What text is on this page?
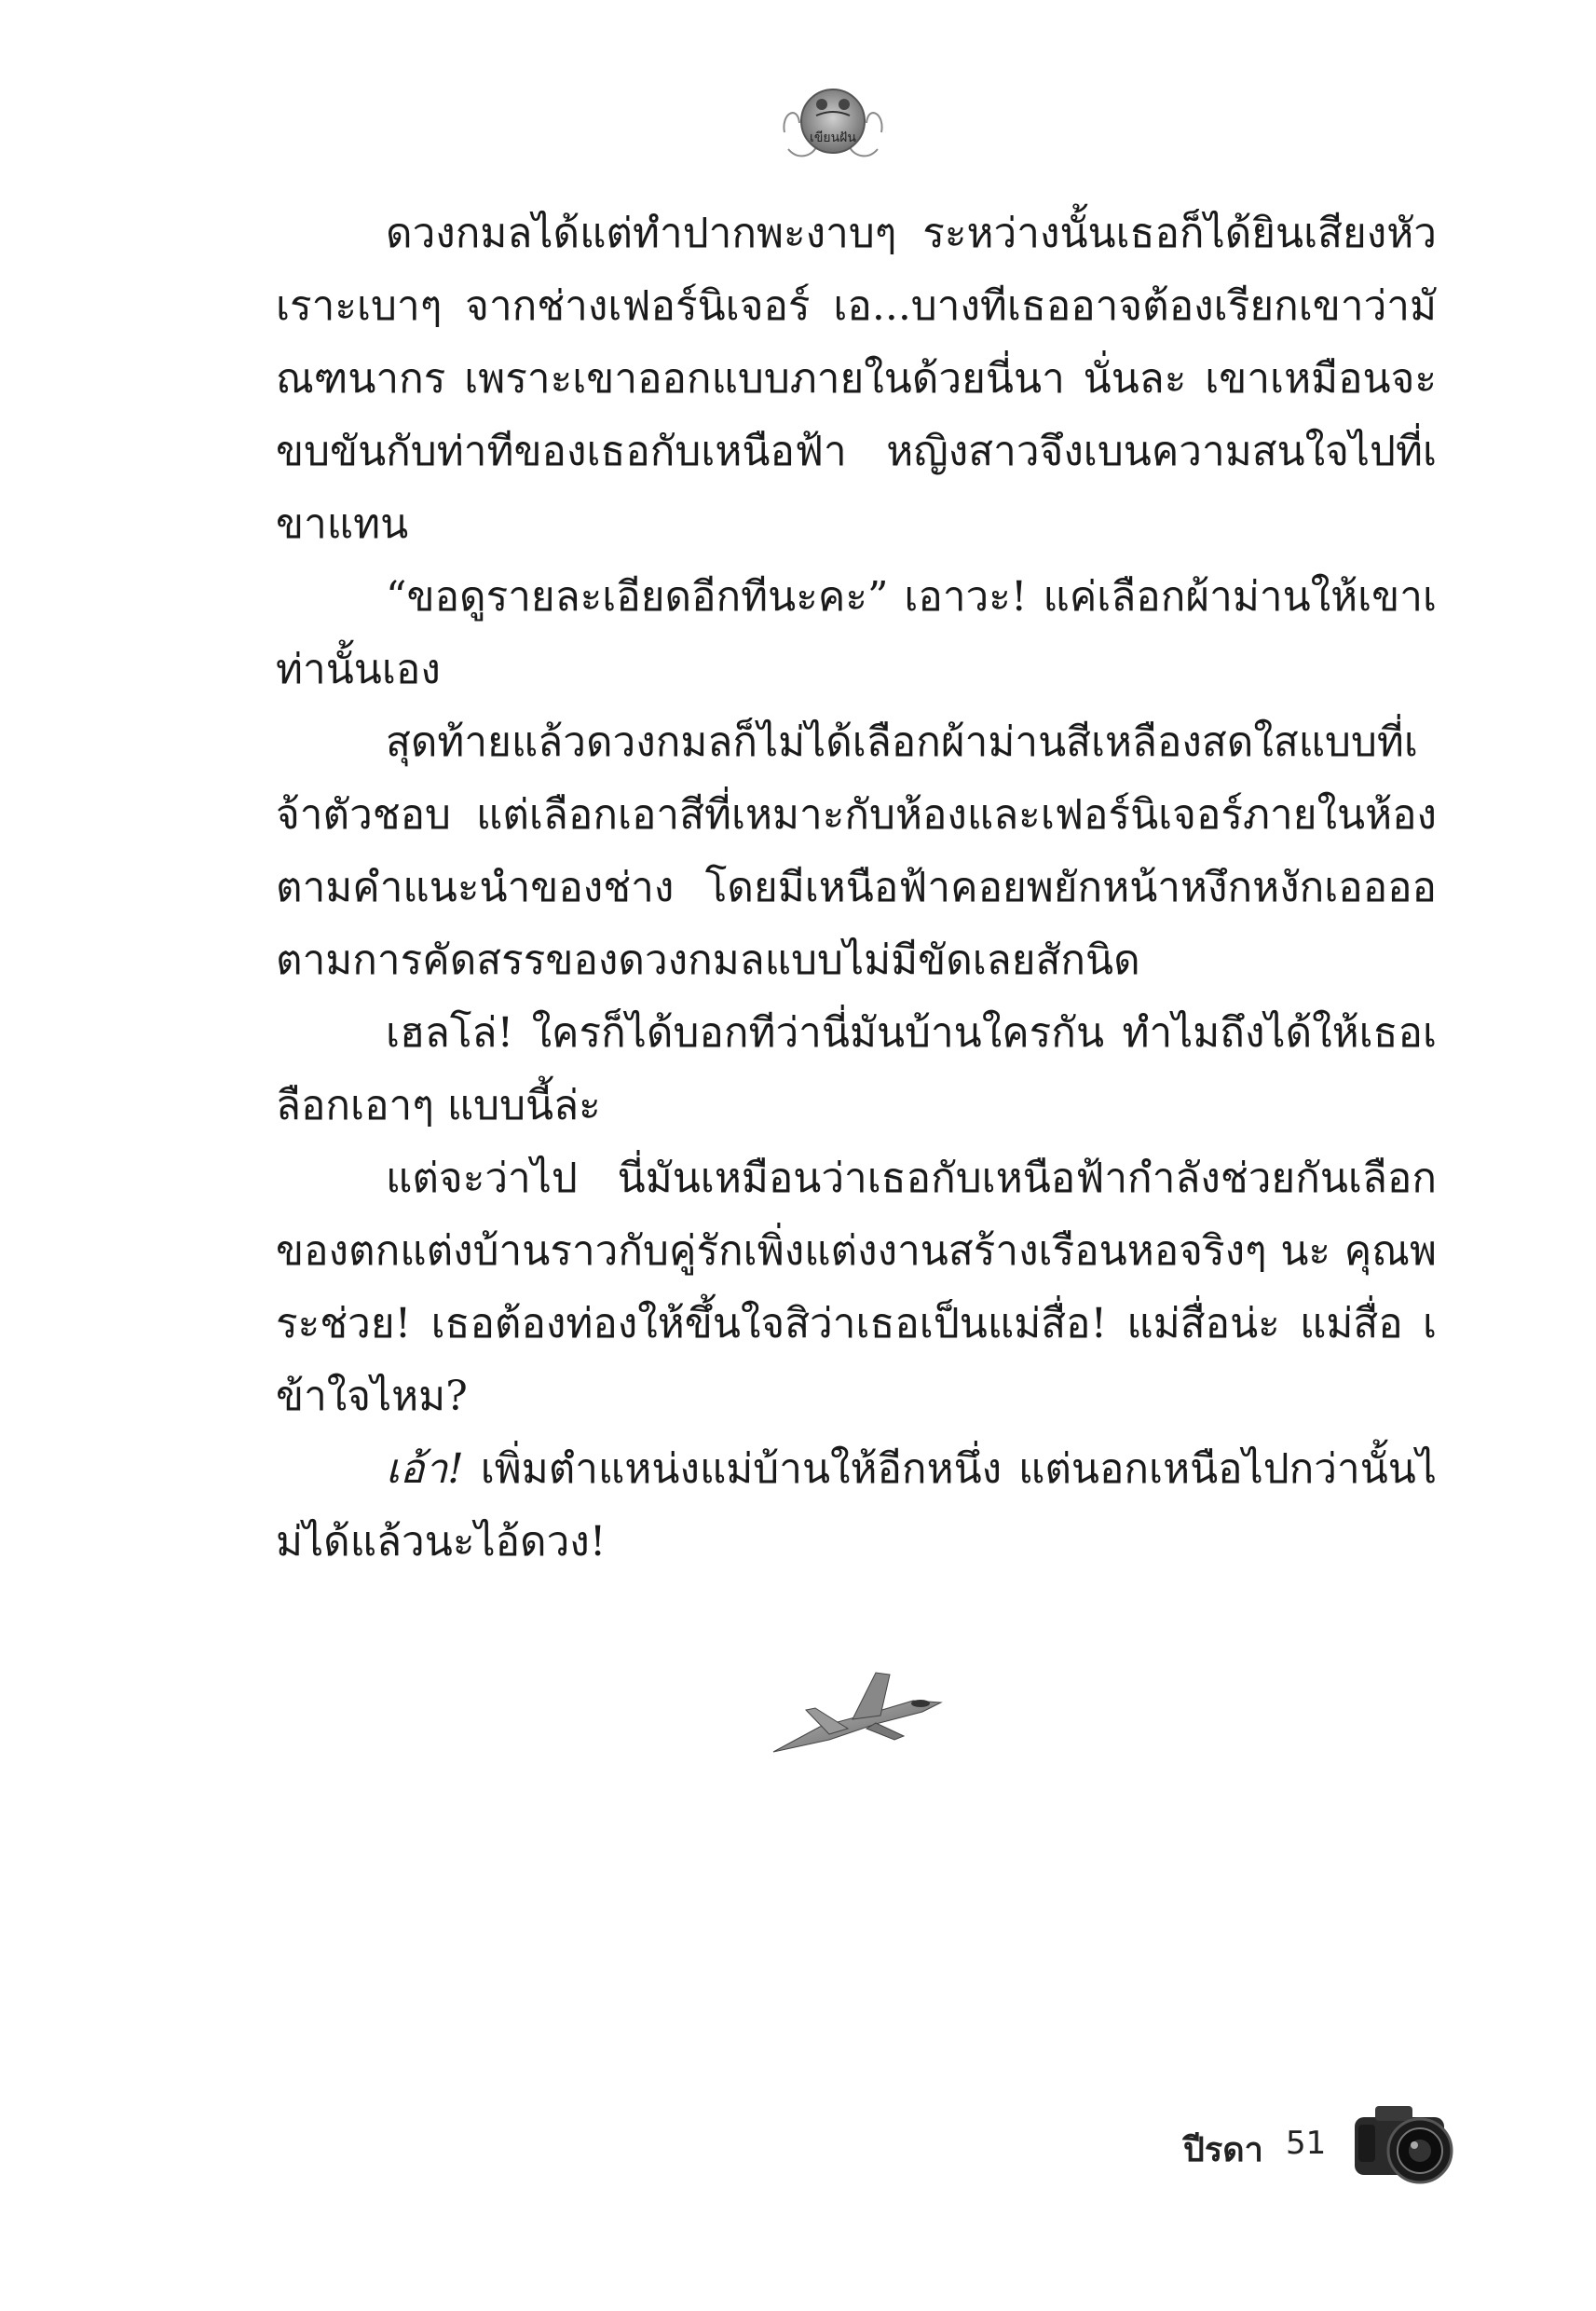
เขียนฝัน

ดวงกมลได้แต่ทำปากพะงาบๆ ระหว่างนั้นเธอก็ได้ยินเสียงหัวเราะเบาๆ จากช่างเฟอร์นิเจอร์ เอ...บางทีเธออาจต้องเรียกเขาว่ามัณฑนากร เพราะเขาออกแบบภายในด้วยนี่นา นั่นละ เขาเหมือนจะขบขันกับท่าทีของเธอกับเหนือฟ้า หญิงสาวจึงเบนความสนใจไปที่เขาแทน

“ขอดูรายละเอียดอีกทีนะคะ” เอาวะ! แค่เลือกผ้าม่านให้เขาเท่านั้นเอง

สุดท้ายแล้วดวงกมลก็ไม่ได้เลือกผ้าม่านสีเหลืองสดใสแบบที่เจ้าตัวชอบ แต่เลือกเอาสีที่เหมาะกับห้องและเฟอร์นิเจอร์ภายในห้องตามคำแนะนำของช่าง โดยมีเหนือฟ้าคอยพยักหน้าหงึกหงักเออออตามการคัดสรรของดวงกมลแบบไม่มีขัดเลยสักนิด

เฮลโล่! ใครก็ได้บอกทีว่านี่มันบ้านใครกัน ทำไมถึงได้ให้เธอเลือกเอาๆ แบบนี้ล่ะ

แต่จะว่าไป นี่มันเหมือนว่าเธอกับเหนือฟ้ากำลังช่วยกันเลือกของตกแต่งบ้านราวกับคู่รักเพิ่งแต่งงานสร้างเรือนหอจริงๆ นะ คุณพระช่วย! เธอต้องท่องให้ขึ้นใจสิว่าเธอเป็นแม่สื่อ! แม่สื่อน่ะ แม่สื่อ เข้าใจไหม?

เอ้า! เพิ่มตำแหน่งแม่บ้านให้อีกหนึ่ง แต่นอกเหนือไปกว่านั้นไม่ได้แล้วนะไอ้ดวง!

ปีรดา 51
